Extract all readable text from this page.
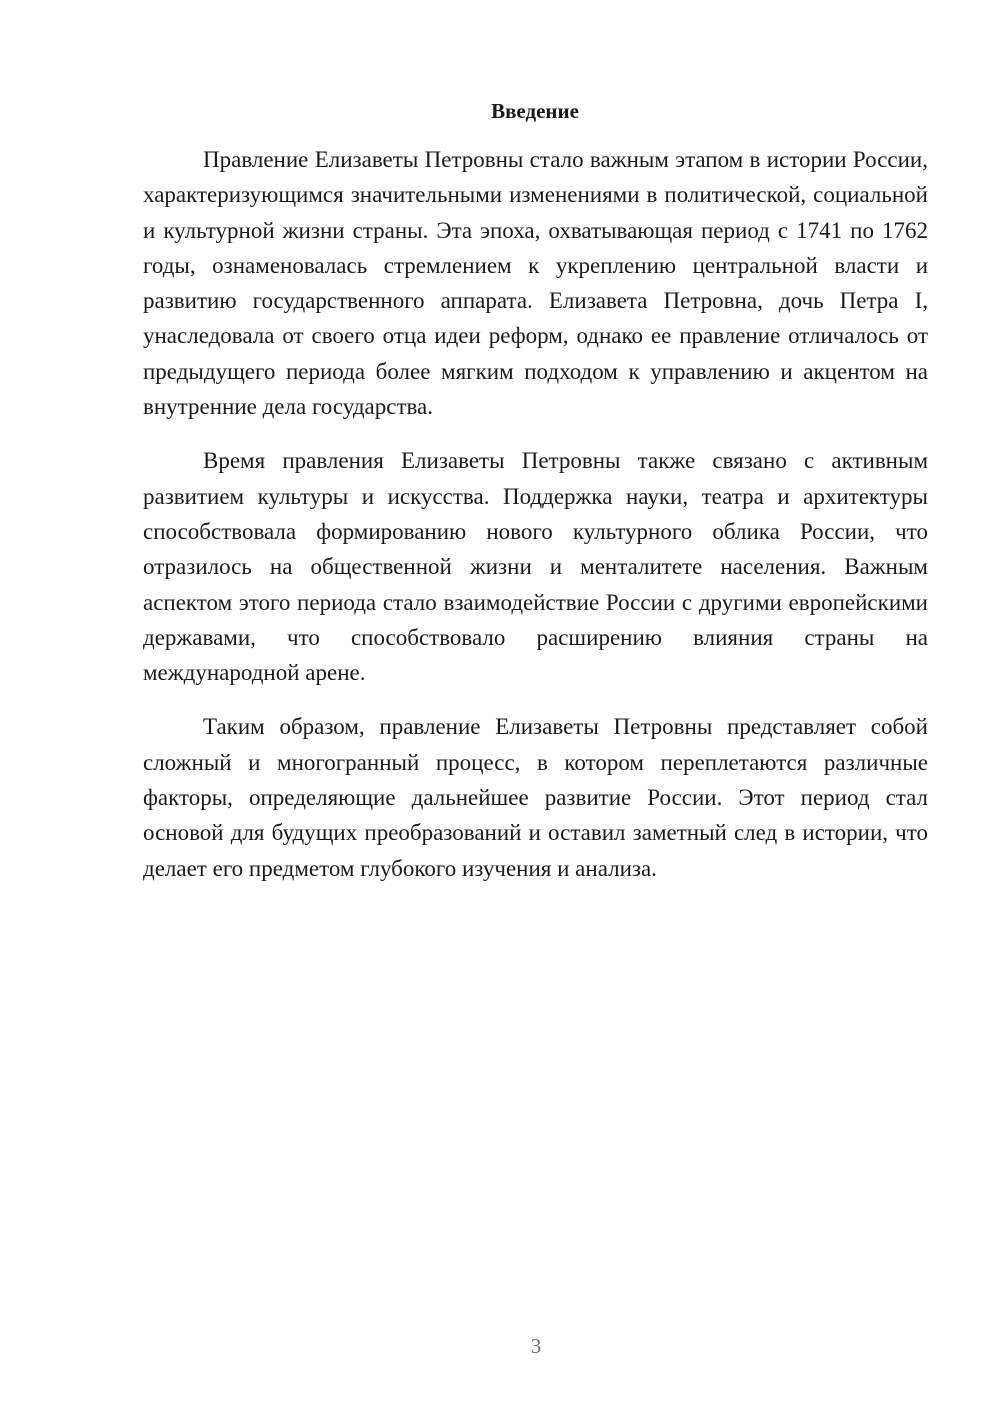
Введение

Правление Елизаветы Петровны стало важным этапом в истории России, характеризующимся значительными изменениями в политической, социальной и культурной жизни страны. Эта эпоха, охватывающая период с 1741 по 1762 годы, ознаменовалась стремлением к укреплению центральной власти и развитию государственного аппарата. Елизавета Петровна, дочь Петра I, унаследовала от своего отца идеи реформ, однако ее правление отличалось от предыдущего периода более мягким подходом к управлению и акцентом на внутренние дела государства.

Время правления Елизаветы Петровны также связано с активным развитием культуры и искусства. Поддержка науки, театра и архитектуры способствовала формированию нового культурного облика России, что отразилось на общественной жизни и менталитете населения. Важным аспектом этого периода стало взаимодействие России с другими европейскими державами, что способствовало расширению влияния страны на международной арене.

Таким образом, правление Елизаветы Петровны представляет собой сложный и многогранный процесс, в котором переплетаются различные факторы, определяющие дальнейшее развитие России. Этот период стал основой для будущих преобразований и оставил заметный след в истории, что делает его предметом глубокого изучения и анализа.

3
